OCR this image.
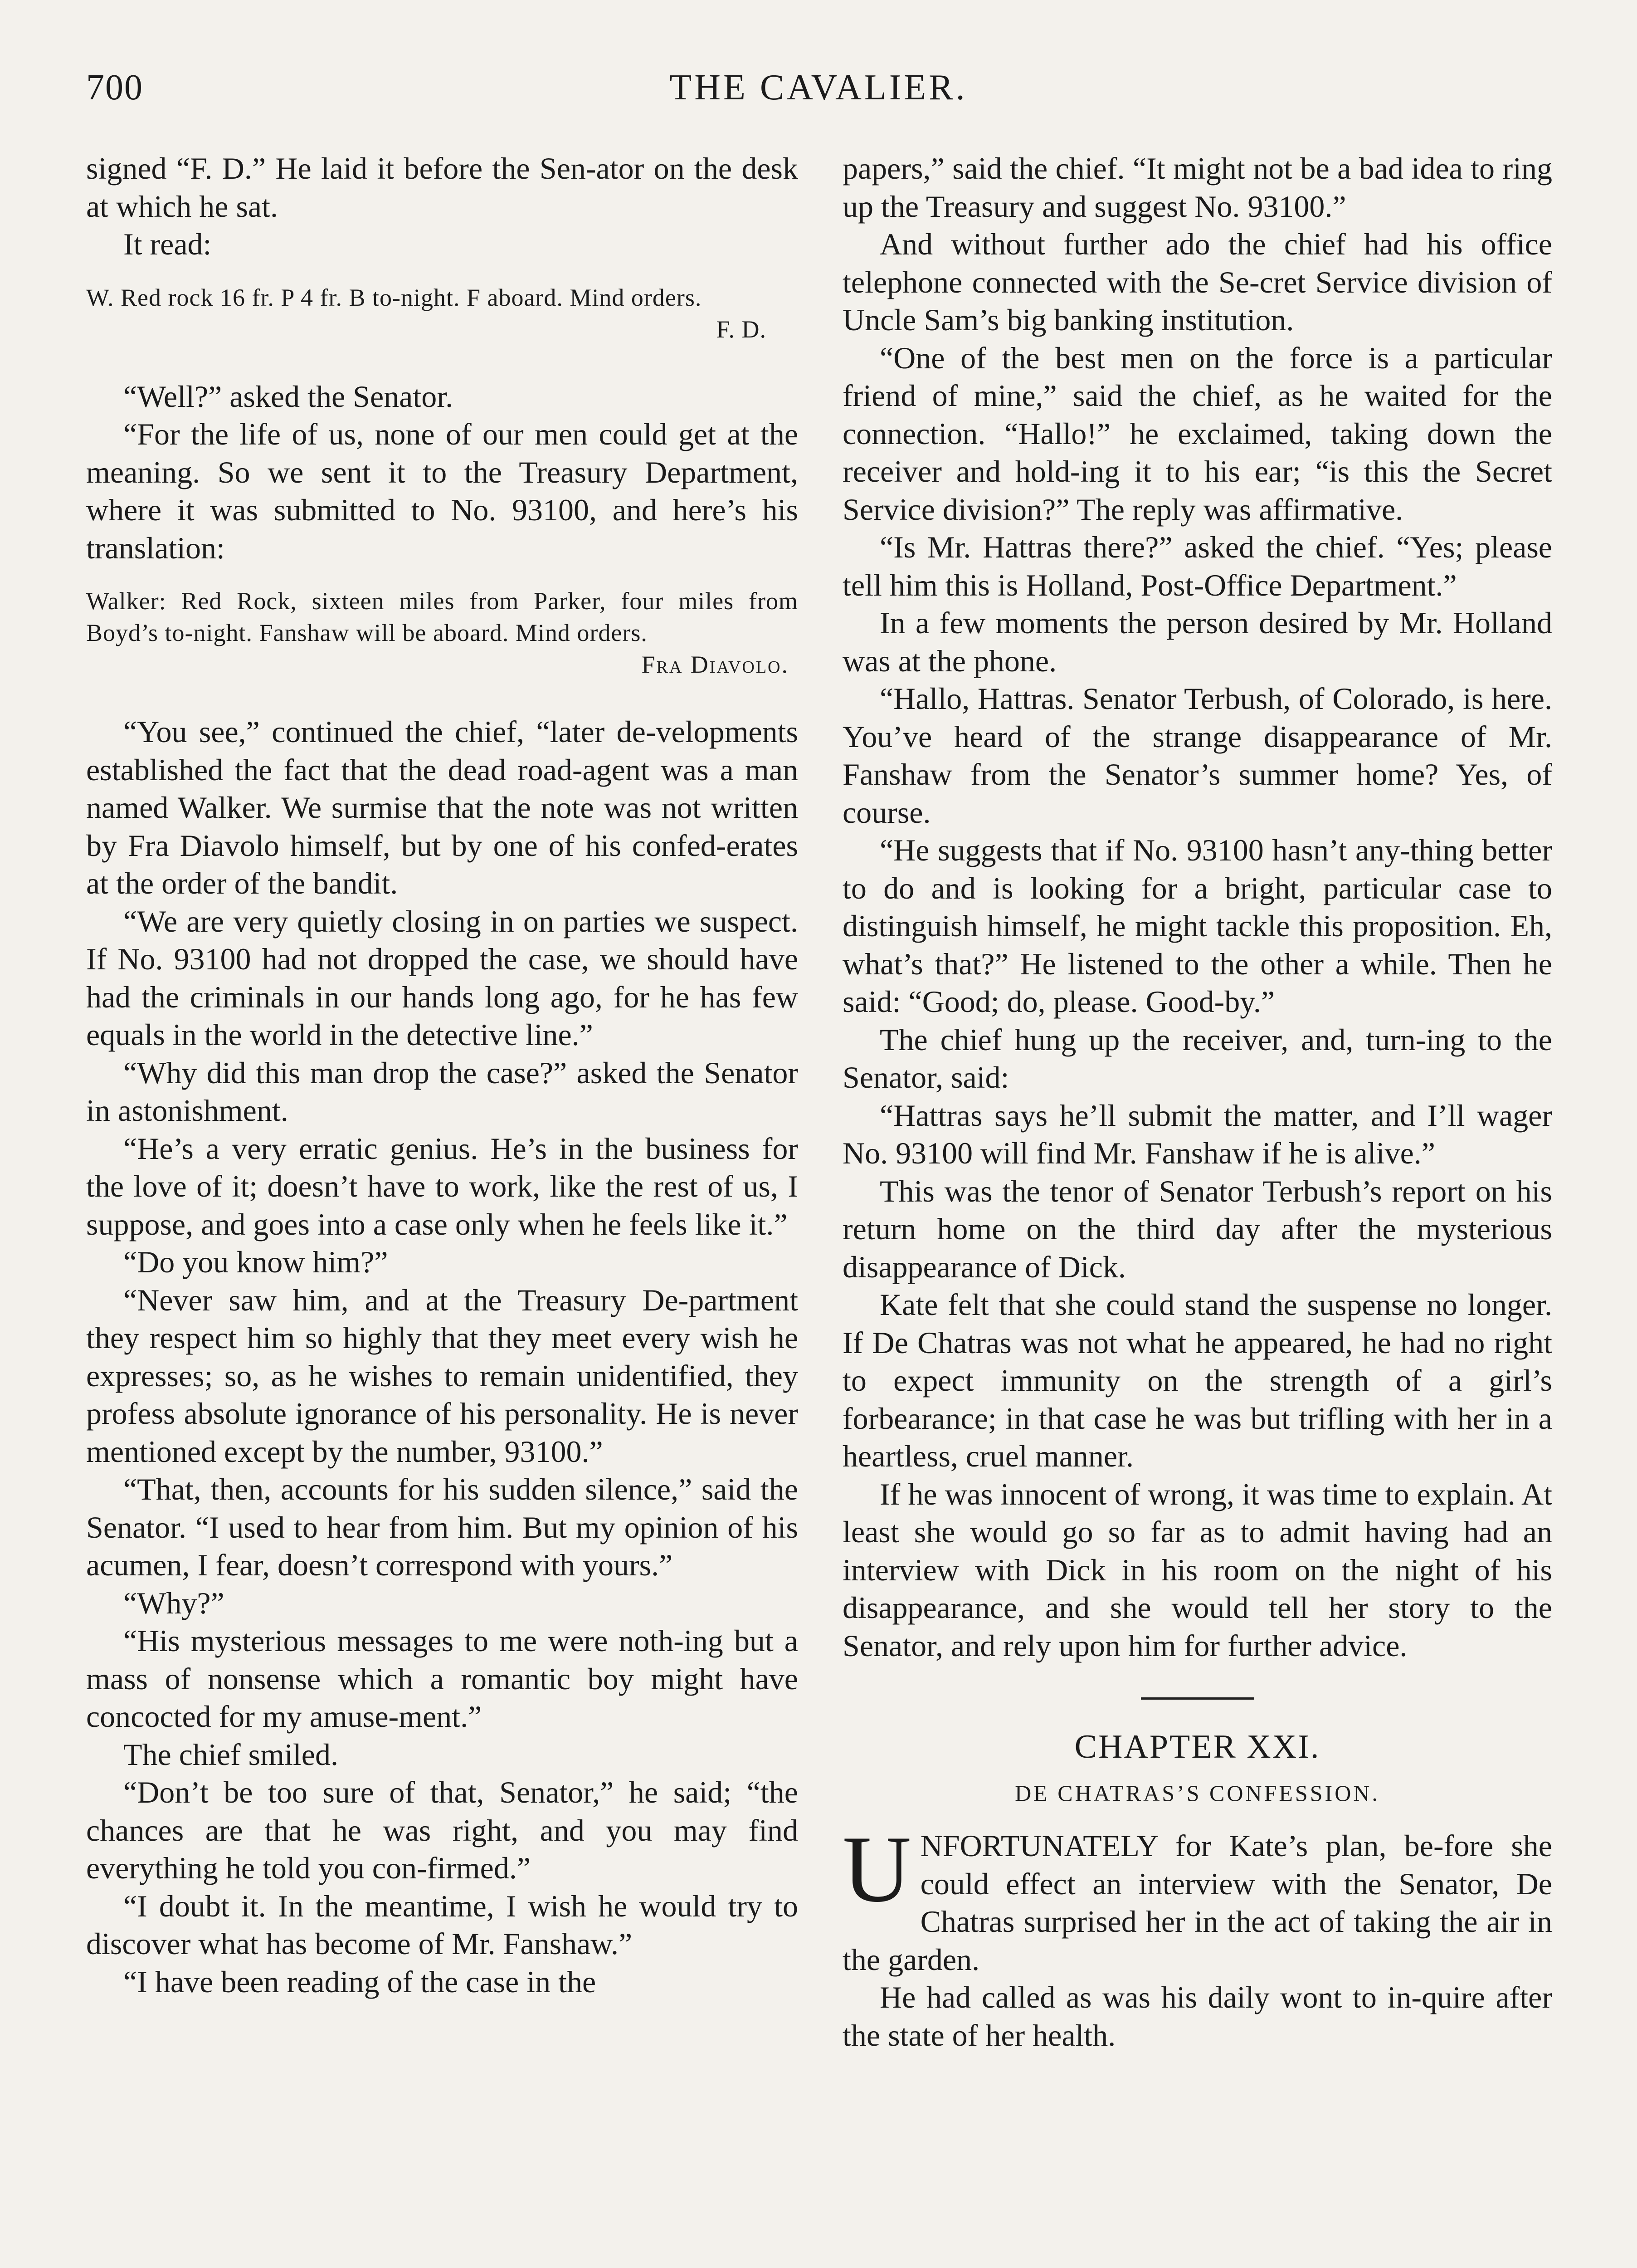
700	THE CAVALIER.

signed “F. D.” He laid it before the Sen-ator on the desk at which he sat.

It read:

W. Red rock 16 fr. P 4 fr. B to-night. F aboard. Mind orders.
F. D.

“Well?” asked the Senator.

“For the life of us, none of our men could get at the meaning. So we sent it to the Treasury Department, where it was submitted to No. 93100, and here’s his translation:

Walker: Red Rock, sixteen miles from Parker, four miles from Boyd’s to-night. Fanshaw will be aboard. Mind orders.
Fra Diavolo.

“You see,” continued the chief, “later de-velopments established the fact that the dead road-agent was a man named Walker. We surmise that the note was not written by Fra Diavolo himself, but by one of his confed-erates at the order of the bandit.

“We are very quietly closing in on parties we suspect. If No. 93100 had not dropped the case, we should have had the criminals in our hands long ago, for he has few equals in the world in the detective line.”

“Why did this man drop the case?” asked the Senator in astonishment.

“He’s a very erratic genius. He’s in the business for the love of it; doesn’t have to work, like the rest of us, I suppose, and goes into a case only when he feels like it.”

“Do you know him?”

“Never saw him, and at the Treasury De-partment they respect him so highly that they meet every wish he expresses; so, as he wishes to remain unidentified, they profess absolute ignorance of his personality. He is never mentioned except by the number, 93100.”

“That, then, accounts for his sudden silence,” said the Senator. “I used to hear from him. But my opinion of his acumen, I fear, doesn’t correspond with yours.”

“Why?”

“His mysterious messages to me were noth-ing but a mass of nonsense which a romantic boy might have concocted for my amuse-ment.”

The chief smiled.

“Don’t be too sure of that, Senator,” he said; “the chances are that he was right, and you may find everything he told you con-firmed.”

“I doubt it. In the meantime, I wish he would try to discover what has become of Mr. Fanshaw.”

“I have been reading of the case in the

papers,” said the chief. “It might not be a bad idea to ring up the Treasury and suggest No. 93100.”

And without further ado the chief had his office telephone connected with the Se-cret Service division of Uncle Sam’s big banking institution.

“One of the best men on the force is a particular friend of mine,” said the chief, as he waited for the connection. “Hallo!” he exclaimed, taking down the receiver and hold-ing it to his ear; “is this the Secret Service division?” The reply was affirmative.

“Is Mr. Hattras there?” asked the chief. “Yes; please tell him this is Holland, Post-Office Department.”

In a few moments the person desired by Mr. Holland was at the phone.

“Hallo, Hattras. Senator Terbush, of Colorado, is here. You’ve heard of the strange disappearance of Mr. Fanshaw from the Senator’s summer home? Yes, of course.

“He suggests that if No. 93100 hasn’t any-thing better to do and is looking for a bright, particular case to distinguish himself, he might tackle this proposition. Eh, what’s that?” He listened to the other a while. Then he said: “Good; do, please. Good-by.”

The chief hung up the receiver, and, turn-ing to the Senator, said:

“Hattras says he’ll submit the matter, and I’ll wager No. 93100 will find Mr. Fanshaw if he is alive.”

This was the tenor of Senator Terbush’s report on his return home on the third day after the mysterious disappearance of Dick.

Kate felt that she could stand the suspense no longer. If De Chatras was not what he appeared, he had no right to expect immunity on the strength of a girl’s forbearance; in that case he was but trifling with her in a heartless, cruel manner.

If he was innocent of wrong, it was time to explain. At least she would go so far as to admit having had an interview with Dick in his room on the night of his disappearance, and she would tell her story to the Senator, and rely upon him for further advice.

CHAPTER XXI.
DE CHATRAS’S CONFESSION.
U NFORTUNATELY for Kate’s plan, be-fore she could effect an interview with the Senator, De Chatras surprised her in the act of taking the air in the garden.

He had called as was his daily wont to in-quire after the state of her health.
